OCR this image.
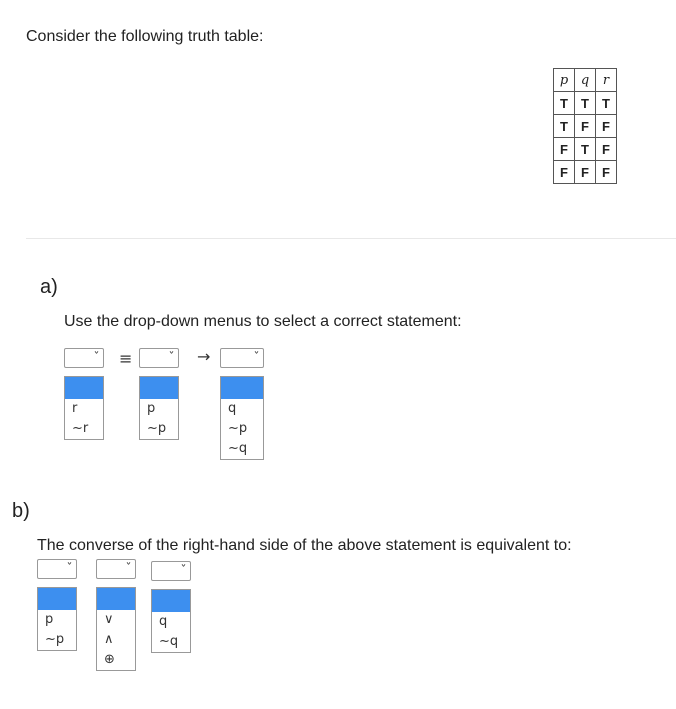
Consider the following truth table:
p	q	r
T	T	T
T	F	F
F	T	F
F	F	F
a)
Use the drop-down menus to select a correct statement:
˅
r
~r
≡	˅
p
~p
→	˅
q
~p
~q
b)
The converse of the right-hand side of the above statement is equivalent to:
˅
p
~p
˅
∨
∧
⊕
˅
q
~q
